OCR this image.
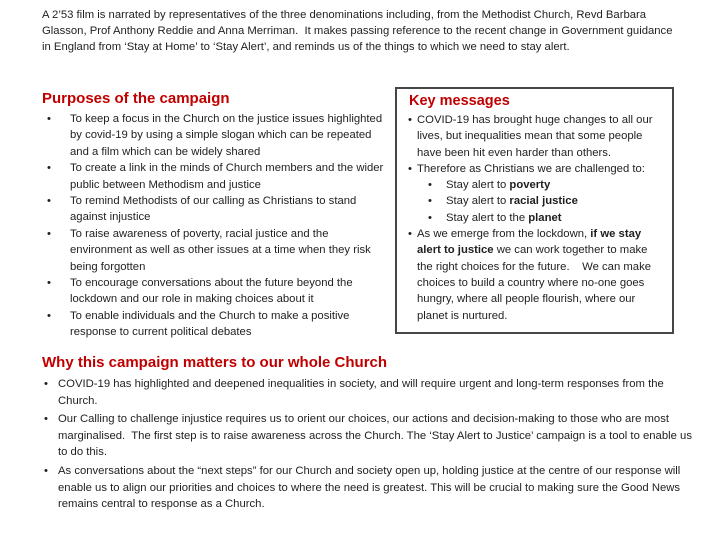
A 2’53 film is narrated by representatives of the three denominations including, from the Methodist Church, Revd Barbara Glasson, Prof Anthony Reddie and Anna Merriman.  It makes passing reference to the recent change in Government guidance in England from ‘Stay at Home’ to ‘Stay Alert’, and reminds us of the things to which we need to stay alert.

Purposes of the campaign
• To keep a focus in the Church on the justice issues highlighted by covid-19 by using a simple slogan which can be repeated and a film which can be widely shared
• To create a link in the minds of Church members and the wider public between Methodism and justice
• To remind Methodists of our calling as Christians to stand against injustice
• To raise awareness of poverty, racial justice and the environment as well as other issues at a time when they risk being forgotten
• To encourage conversations about the future beyond the lockdown and our role in making choices about it
• To enable individuals and the Church to make a positive response to current political debates
Key messages
• COVID-19 has brought huge changes to all our lives, but inequalities mean that some people have been hit even harder than others.
• Therefore as Christians we are challenged to:
• Stay alert to poverty
• Stay alert to racial justice
• Stay alert to the planet
• As we emerge from the lockdown, if we stay alert to justice we can work together to make the right choices for the future.    We can make choices to build a country where no-one goes hungry, where all people flourish, where our planet is nurtured.
Why this campaign matters to our whole Church
• COVID-19 has highlighted and deepened inequalities in society, and will require urgent and long-term responses from the Church.
• Our Calling to challenge injustice requires us to orient our choices, our actions and decision-making to those who are most marginalised.  The first step is to raise awareness across the Church. The ‘Stay Alert to Justice’ campaign is a tool to enable us to do this.
• As conversations about the “next steps” for our Church and society open up, holding justice at the centre of our response will enable us to align our priorities and choices to where the need is greatest. This will be crucial to making sure the Good News remains central to response as a Church.
